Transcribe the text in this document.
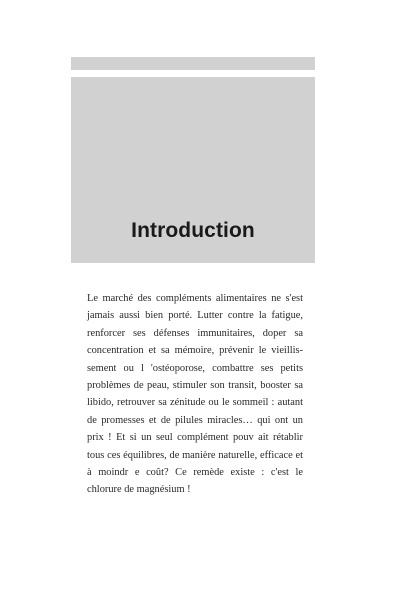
Introduction

Le marché des compléments alimentaires ne s'est jamais aussi bien porté. Lutter contre la fatigue, renforcer ses défenses immunitaires, doper sa concentration et sa mémoire, prévenir le vieillissement ou l 'ostéoporose, combattre ses petits problèmes de peau, stimuler son transit, booster sa libido, retrouver sa zénitude ou le sommeil : autant de promesses et de pilules miracles… qui ont un prix ! Et si un seul complément pouv ait rétablir tous ces équilibres, de manière naturelle, efficace et à moindr e coût? Ce remède existe : c'est le chlorure de magnésium !
